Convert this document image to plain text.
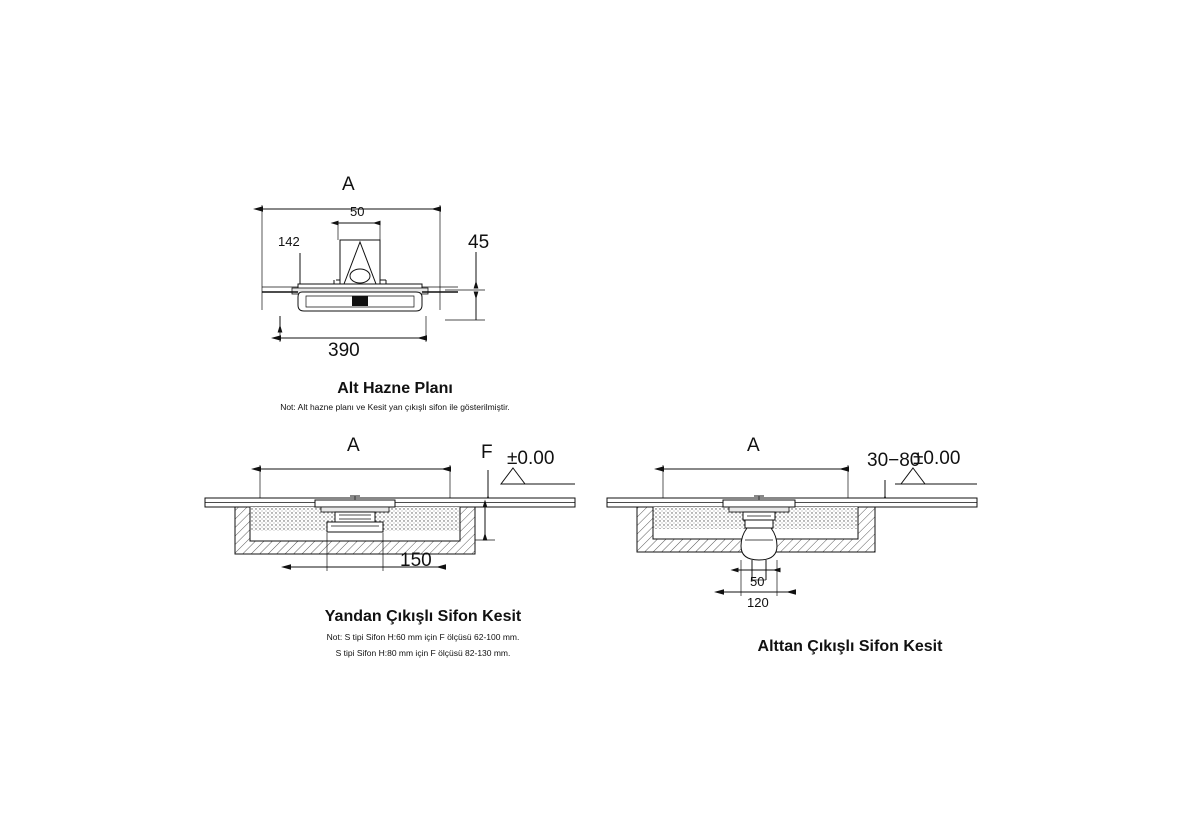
A
50
142	45
390
Alt Hazne Planı
Not: Alt hazne planı ve Kesit yan çıkışlı sifon ile gösterilmiştir.
A	F ±0.00
150
Yandan Çıkışlı Sifon Kesit
Not: S tipi Sifon H:60 mm için F ölçüsü 62-100 mm.
S tipi Sifon H:80 mm için F ölçüsü 82-130 mm.
A
30−80
±0.00
50
120
Alttan Çıkışlı Sifon Kesit
